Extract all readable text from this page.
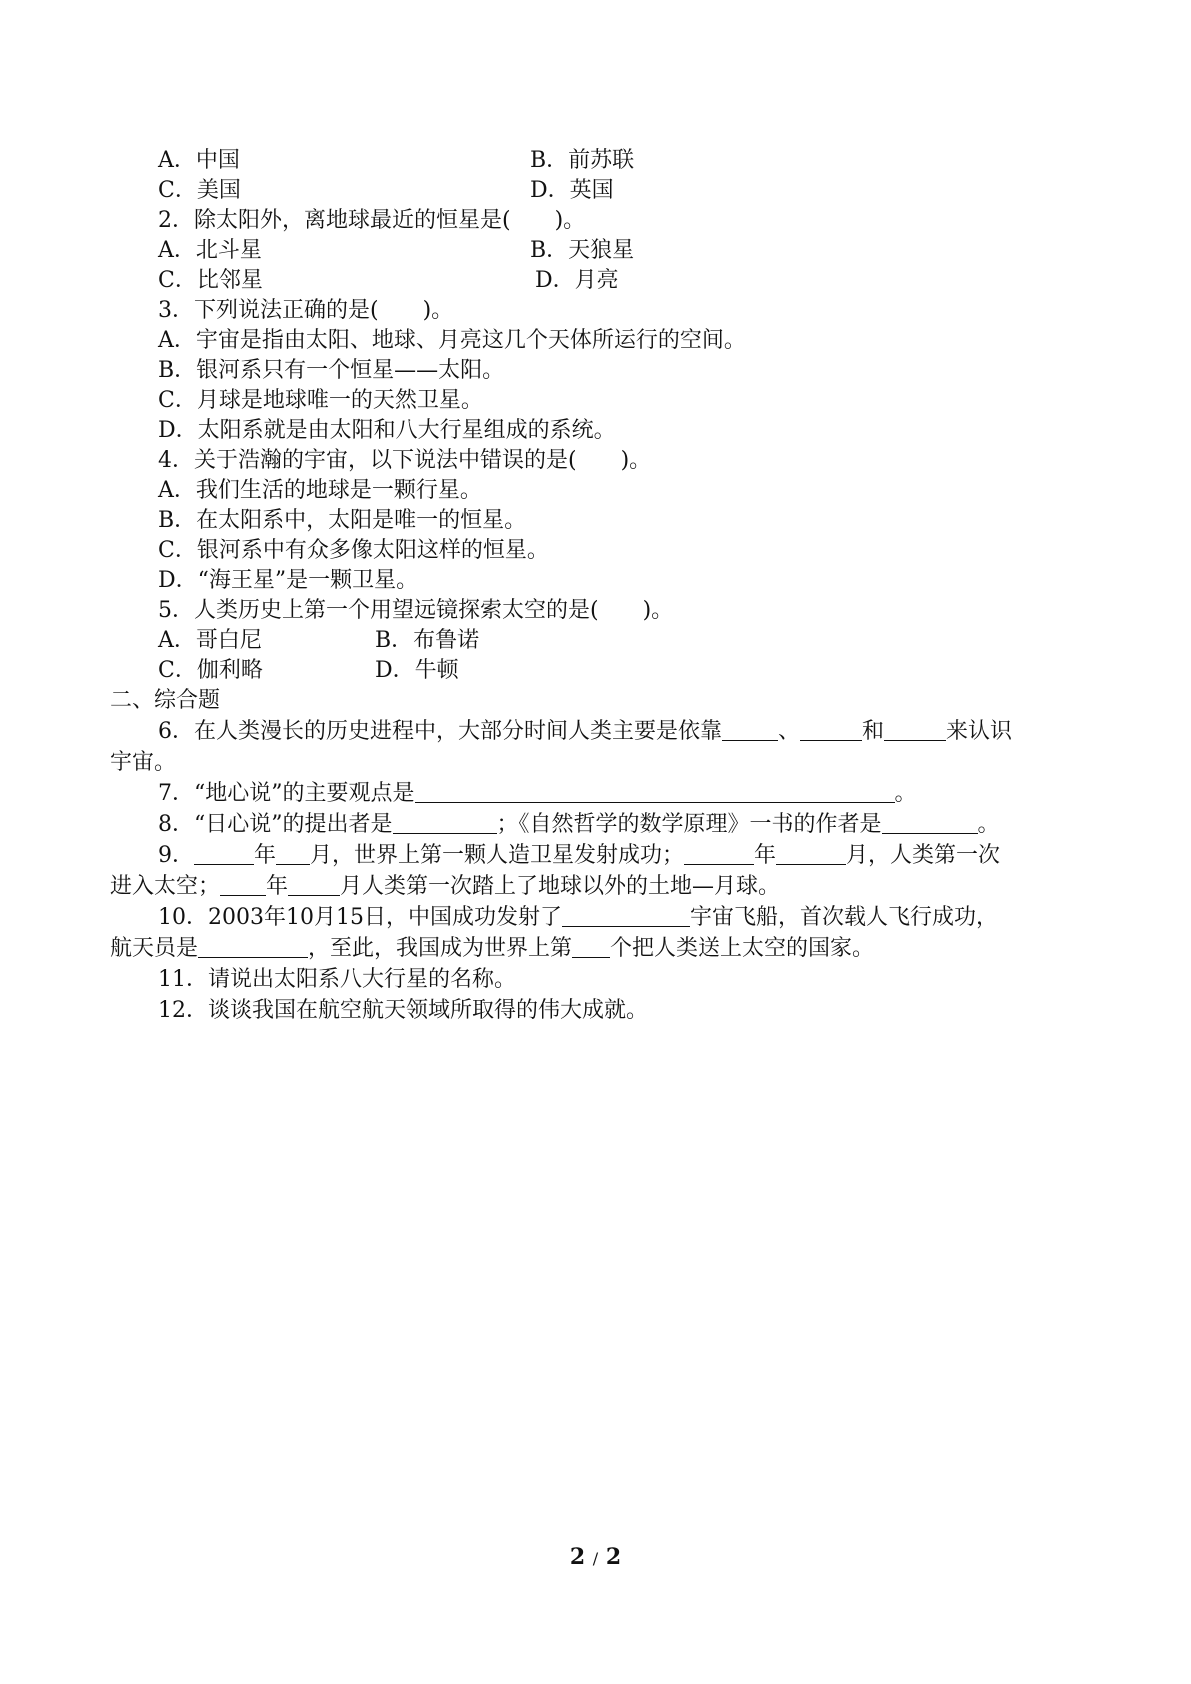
A．中国	B．前苏联
C．美国	D．英国
2．除太阳外，离地球最近的恒星是(　　)。
A．北斗星	B．天狼星
C．比邻星	D．月亮
3．下列说法正确的是(　　)。
A．宇宙是指由太阳、地球、月亮这几个天体所运行的空间。
B．银河系只有一个恒星——太阳。
C．月球是地球唯一的天然卫星。
D．太阳系就是由太阳和八大行星组成的系统。
4．关于浩瀚的宇宙，以下说法中错误的是(　　)。
A．我们生活的地球是一颗行星。
B．在太阳系中，太阳是唯一的恒星。
C．银河系中有众多像太阳这样的恒星。
D．“海王星”是一颗卫星。
5．人类历史上第一个用望远镜探索太空的是(　　)。
A．哥白尼	B．布鲁诺
C．伽利略	D．牛顿
二、综合题
6．在人类漫长的历史进程中，大部分时间人类主要是依靠	、	和	来认识
宇宙。
7．“地心说”的主要观点是	。
8．“日心说”的提出者是	；《自然哲学的数学原理》一书的作者是	。
9．	年 月，世界上第一颗人造卫星发射成功；	年	月，人类第一次
进入太空； 年 月人类第一次踏上了地球以外的土地—月球。
10．2003年10月15日，中国成功发射了	宇宙飞船，首次载人飞行成功，
航天员是	，至此，我国成为世界上第 个把人类送上太空的国家。
11．请说出太阳系八大行星的名称。
12．谈谈我国在航空航天领域所取得的伟大成就。
2 / 2
